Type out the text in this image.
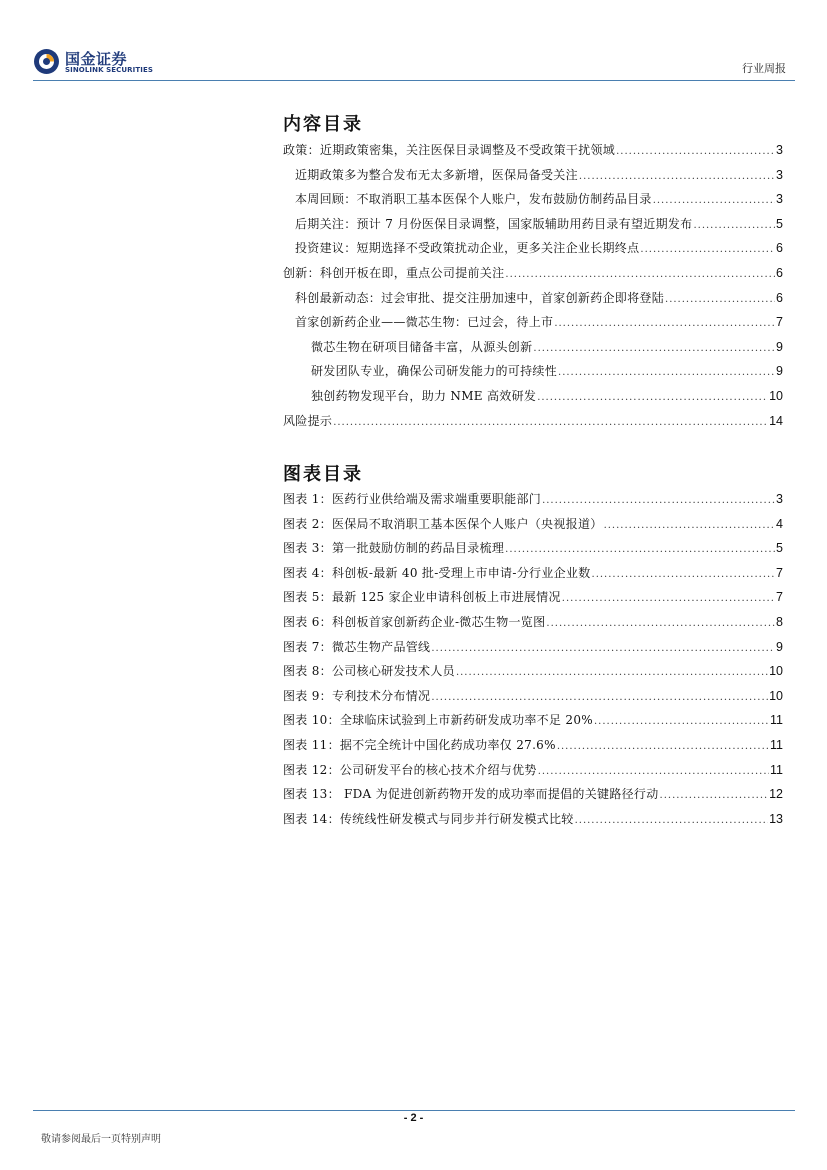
国金证券
SINOLINK SECURITIES	行业周报
内容目录
政策：近期政策密集，关注医保目录调整及不受政策干扰领域 .....	3
近期政策多为整合发布无太多新增，医保局备受关注 .....	3
本周回顾：不取消职工基本医保个人账户，发布鼓励仿制药品目录 .....	3
后期关注：预计 7 月份医保目录调整，国家版辅助用药目录有望近期发布 .....	5
投资建议：短期选择不受政策扰动企业，更多关注企业长期终点 .....	6
创新：科创开板在即，重点公司提前关注 .....	6
科创最新动态：过会审批、提交注册加速中，首家创新药企即将登陆 .....	6
首家创新药企业——微芯生物：已过会，待上市 .....	7
微芯生物在研项目储备丰富，从源头创新 .....	9
研发团队专业，确保公司研发能力的可持续性 .....	9
独创药物发现平台，助力 NME 高效研发 .....	10
风险提示 .....	14
图表目录
图表 1：医药行业供给端及需求端重要职能部门 .....	3
图表 2：医保局不取消职工基本医保个人账户（央视报道） .....	4
图表 3：第一批鼓励仿制的药品目录梳理 .....	5
图表 4：科创板-最新 40 批-受理上市申请-分行业企业数 .....	7
图表 5：最新 125 家企业申请科创板上市进展情况 .....	7
图表 6：科创板首家创新药企业-微芯生物一览图 .....	8
图表 7：微芯生物产品管线 .....	9
图表 8：公司核心研发技术人员 .....	10
图表 9：专利技术分布情况 .....	10
图表 10：全球临床试验到上市新药研发成功率不足 20% .....	11
图表 11：据不完全统计中国化药成功率仅 27.6% .....	11
图表 12：公司研发平台的核心技术介绍与优势 .....	11
图表 13： FDA 为促进创新药物开发的成功率而提倡的关键路径行动 .....	12
图表 14：传统线性研发模式与同步并行研发模式比较 .....	13
- 2 -
敬请参阅最后一页特别声明
